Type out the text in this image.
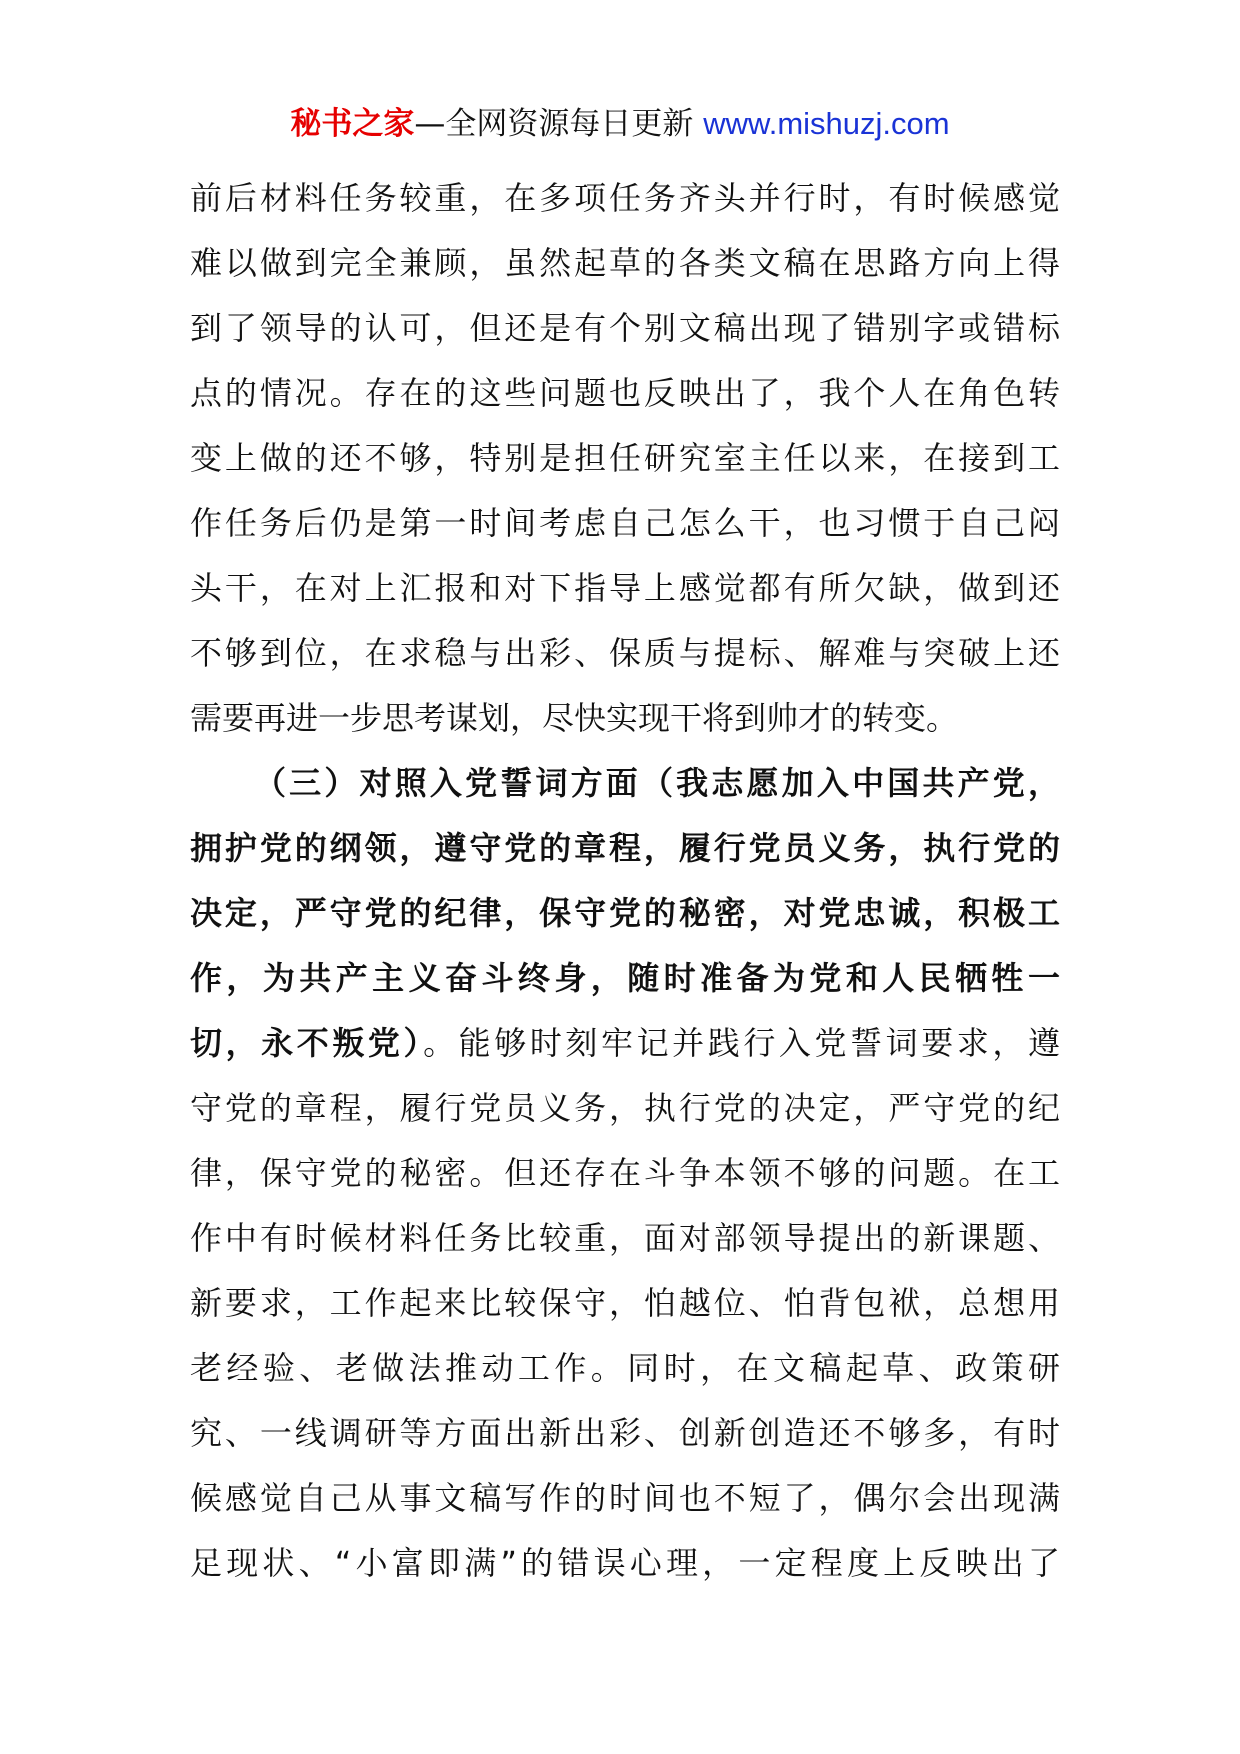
秘书之家—全网资源每日更新 www.mishuzj.com
前后材料任务较重，在多项任务齐头并行时，有时候感觉
难以做到完全兼顾，虽然起草的各类文稿在思路方向上得
到了领导的认可，但还是有个别文稿出现了错别字或错标
点的情况。存在的这些问题也反映出了，我个人在角色转
变上做的还不够，特别是担任研究室主任以来，在接到工
作任务后仍是第一时间考虑自己怎么干，也习惯于自己闷
头干，在对上汇报和对下指导上感觉都有所欠缺，做到还
不够到位，在求稳与出彩、保质与提标、解难与突破上还
需要再进一步思考谋划，尽快实现干将到帅才的转变。
（三）对照入党誓词方面（我志愿加入中国共产党，
拥护党的纲领，遵守党的章程，履行党员义务，执行党的
决定，严守党的纪律，保守党的秘密，对党忠诚，积极工
作，为共产主义奋斗终身，随时准备为党和人民牺牲一
切，永不叛党）。能够时刻牢记并践行入党誓词要求，遵
守党的章程，履行党员义务，执行党的决定，严守党的纪
律，保守党的秘密。但还存在斗争本领不够的问题。在工
作中有时候材料任务比较重，面对部领导提出的新课题、
新要求，工作起来比较保守，怕越位、怕背包袱，总想用
老经验、老做法推动工作。同时，在文稿起草、政策研
究、一线调研等方面出新出彩、创新创造还不够多，有时
候感觉自己从事文稿写作的时间也不短了，偶尔会出现满
足现状、“小富即满”的错误心理，一定程度上反映出了
